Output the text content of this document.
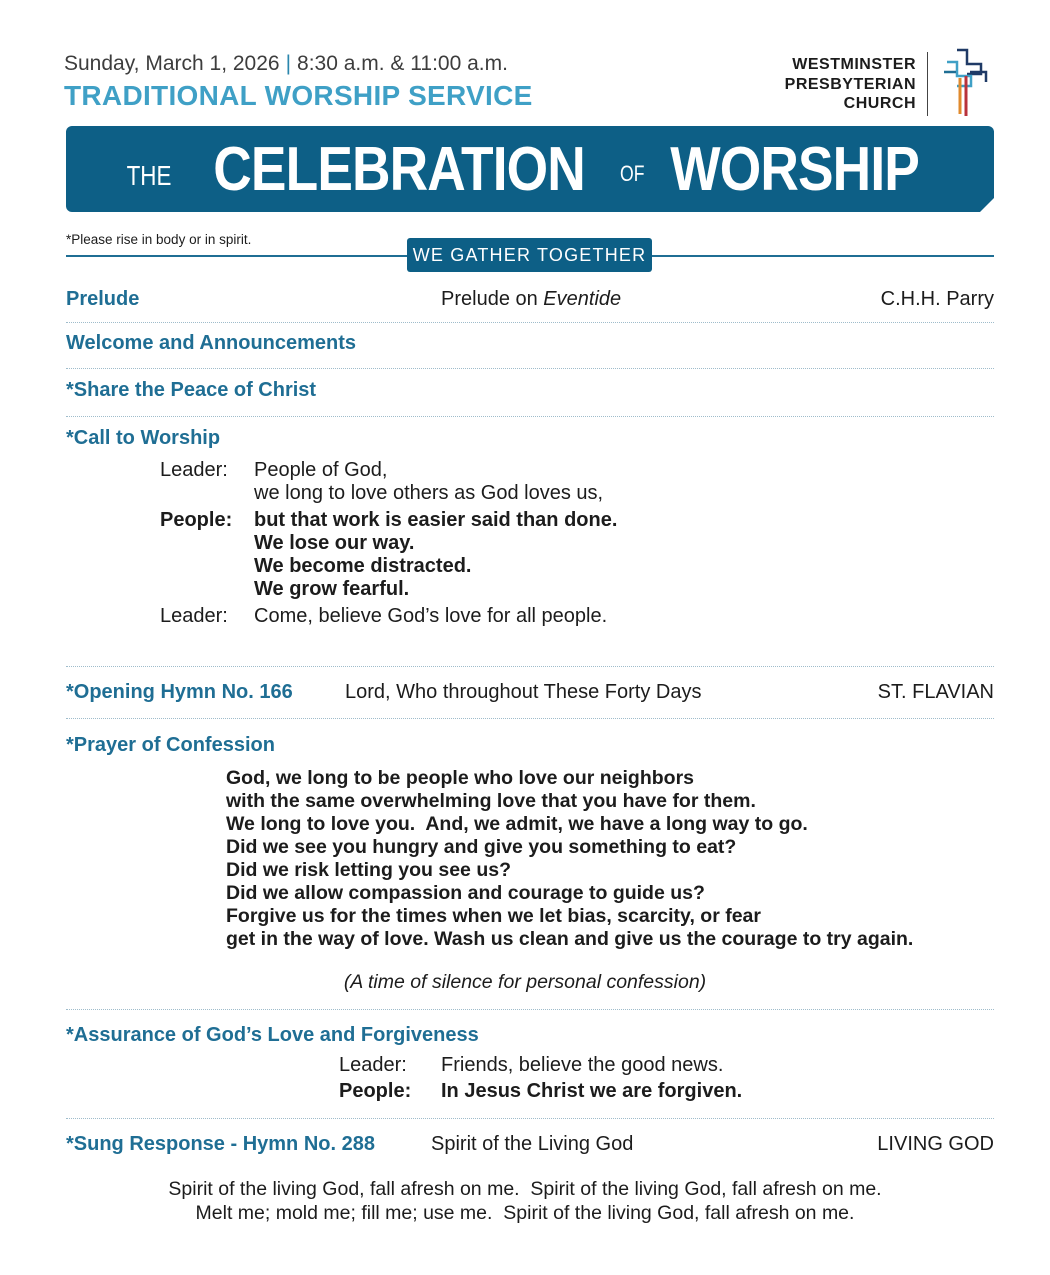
Sunday, March 1, 2026 | 8:30 a.m. & 11:00 a.m.
TRADITIONAL WORSHIP SERVICE
WESTMINSTER
PRESBYTERIAN
CHURCH
THE CELEBRATION OF WORSHIP
*Please rise in body or in spirit.
WE GATHER TOGETHER
Prelude	Prelude on Eventide	C.H.H. Parry
Welcome and Announcements
*Share the Peace of Christ
*Call to Worship
Leader: People of God,
we long to love others as God loves us,
People: but that work is easier said than done.
We lose our way.
We become distracted.
We grow fearful.
Leader: Come, believe God’s love for all people.
*Opening Hymn No. 166	Lord, Who throughout These Forty Days	ST. FLAVIAN
*Prayer of Confession
God, we long to be people who love our neighbors
with the same overwhelming love that you have for them.
We long to love you.  And, we admit, we have a long way to go.
Did we see you hungry and give you something to eat?
Did we risk letting you see us?
Did we allow compassion and courage to guide us?
Forgive us for the times when we let bias, scarcity, or fear
get in the way of love. Wash us clean and give us the courage to try again.
(A time of silence for personal confession)
*Assurance of God’s Love and Forgiveness
Leader: Friends, believe the good news.
People: In Jesus Christ we are forgiven.
*Sung Response - Hymn No. 288	Spirit of the Living God	LIVING GOD
Spirit of the living God, fall afresh on me.  Spirit of the living God, fall afresh on me.
Melt me; mold me; fill me; use me.  Spirit of the living God, fall afresh on me.
